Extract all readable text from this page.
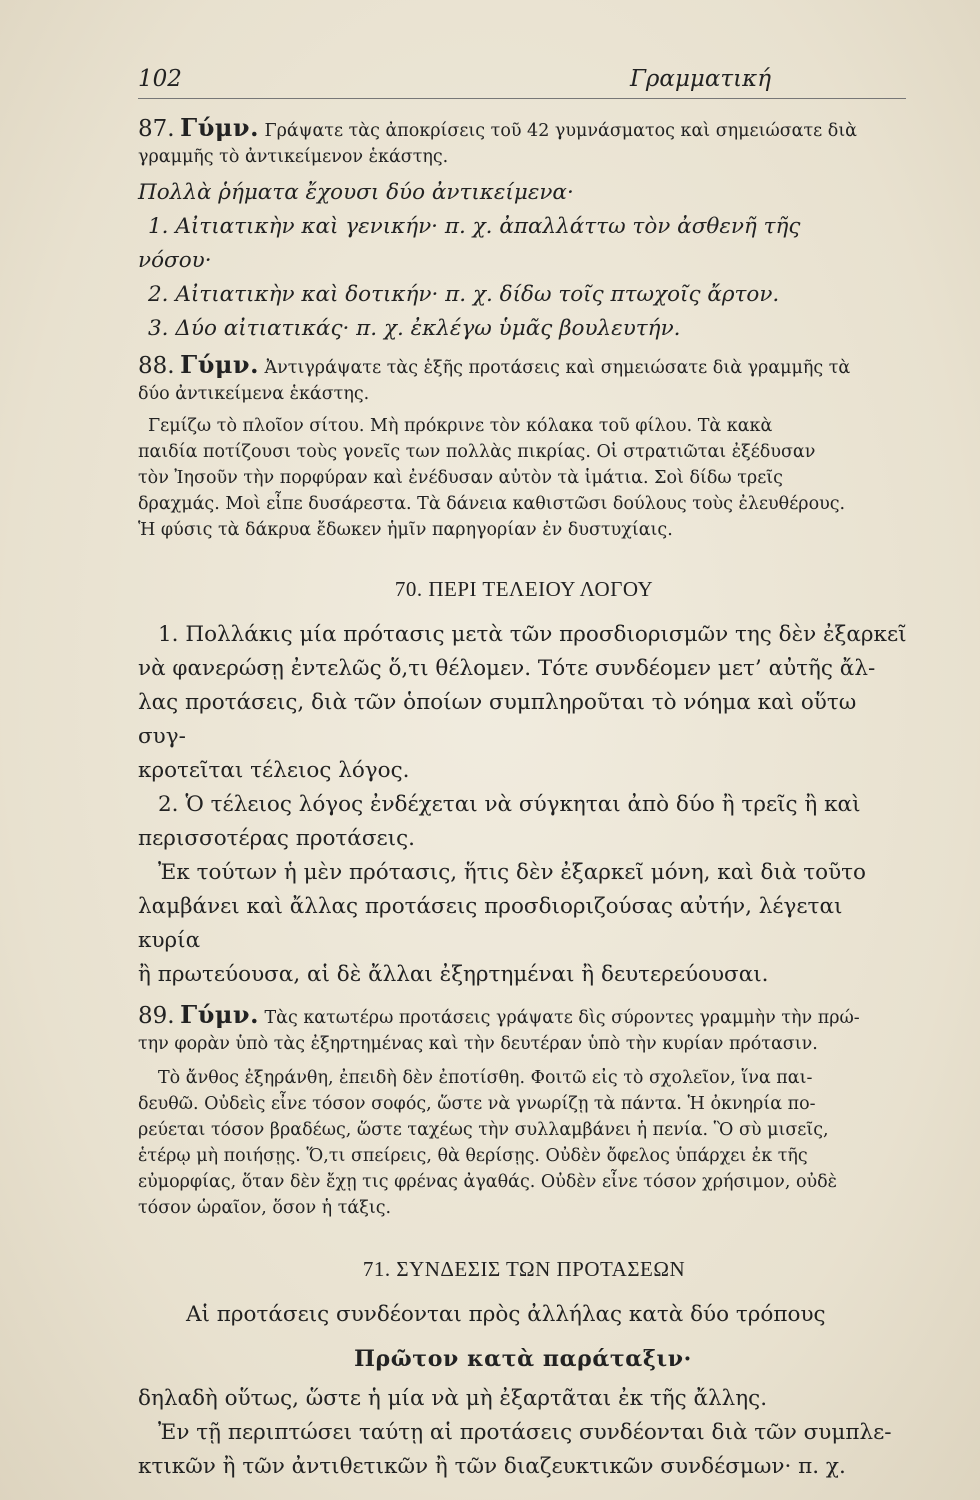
102	Γραμματική

87. Γύμν. Γράψατε τὰς ἀποκρίσεις τοῦ 42 γυμνάσματος καὶ σημειώσατε διὰ

γραμμῆς τὸ ἀντικείμενον ἑκάστης.

Πολλὰ ῥήματα ἔχουσι δύο ἀντικείμενα·

1. Αἰτιατικὴν καὶ γενικήν· π. χ. ἀπαλλάττω τὸν ἀσθενῆ τῆς

νόσου·

2. Αἰτιατικὴν καὶ δοτικήν· π. χ. δίδω τοῖς πτωχοῖς ἄρτον.

3. Δύο αἰτιατικάς· π. χ. ἐκλέγω ὑμᾶς βουλευτήν.

88. Γύμν. Ἀντιγράψατε τὰς ἑξῆς προτάσεις καὶ σημειώσατε διὰ γραμμῆς τὰ

δύο ἀντικείμενα ἑκάστης.

Γεμίζω τὸ πλοῖον σίτου. Μὴ πρόκρινε τὸν κόλακα τοῦ φίλου. Τὰ κακὰ

παιδία ποτίζουσι τοὺς γονεῖς των πολλὰς πικρίας. Οἱ στρατιῶται ἐξέδυσαν

τὸν Ἰησοῦν τὴν πορφύραν καὶ ἐνέδυσαν αὐτὸν τὰ ἱμάτια. Σοὶ δίδω τρεῖς

δραχμάς. Μοὶ εἶπε δυσάρεστα. Τὰ δάνεια καθιστῶσι δούλους τοὺς ἐλευθέρους.

Ἡ φύσις τὰ δάκρυα ἔδωκεν ἡμῖν παρηγορίαν ἐν δυστυχίαις.

70. ΠΕΡΙ ΤΕΛΕΙΟΥ ΛΟΓΟΥ

1. Πολλάκις μία πρότασις μετὰ τῶν προσδιορισμῶν της δὲν ἐξαρκεῖ

νὰ φανερώσῃ ἐντελῶς ὅ,τι θέλομεν. Τότε συνδέομεν μετ’ αὐτῆς ἄλ-

λας προτάσεις, διὰ τῶν ὁποίων συμπληροῦται τὸ νόημα καὶ οὕτω συγ-

κροτεῖται τέλειος λόγος.

2. Ὁ τέλειος λόγος ἐνδέχεται νὰ σύγκηται ἀπὸ δύο ἢ τρεῖς ἢ καὶ

περισσοτέρας προτάσεις.

Ἐκ τούτων ἡ μὲν πρότασις, ἥτις δὲν ἐξαρκεῖ μόνη, καὶ διὰ τοῦτο

λαμβάνει καὶ ἄλλας προτάσεις προσδιοριζούσας αὐτήν, λέγεται κυρία

ἢ πρωτεύουσα, αἱ δὲ ἄλλαι ἐξηρτημέναι ἢ δευτερεύουσαι.

89. Γύμν. Τὰς κατωτέρω προτάσεις γράψατε δὶς σύροντες γραμμὴν τὴν πρώ-

την φορὰν ὑπὸ τὰς ἐξηρτημένας καὶ τὴν δευτέραν ὑπὸ τὴν κυρίαν πρότασιν.

Τὸ ἄνθος ἐξηράνθη, ἐπειδὴ δὲν ἐποτίσθη. Φοιτῶ εἰς τὸ σχολεῖον, ἵνα παι-

δευθῶ. Οὐδεὶς εἶνε τόσον σοφός, ὥστε νὰ γνωρίζῃ τὰ πάντα. Ἡ ὀκνηρία πο-

ρεύεται τόσον βραδέως, ὥστε ταχέως τὴν συλλαμβάνει ἡ πενία. Ὃ σὺ μισεῖς,

ἑτέρῳ μὴ ποιήσῃς. Ὅ,τι σπείρεις, θὰ θερίσῃς. Οὐδὲν ὄφελος ὑπάρχει ἐκ τῆς

εὐμορφίας, ὅταν δὲν ἔχῃ τις φρένας ἀγαθάς. Οὐδὲν εἶνε τόσον χρήσιμον, οὐδὲ

τόσον ὡραῖον, ὅσον ἡ τάξις.

71. ΣΥΝΔΕΣΙΣ ΤΩΝ ΠΡΟΤΑΣΕΩΝ

Αἱ προτάσεις συνδέονται πρὸς ἀλλήλας κατὰ δύο τρόπους

Πρῶτον κατὰ παράταξιν·

δηλαδὴ οὕτως, ὥστε ἡ μία νὰ μὴ ἐξαρτᾶται ἐκ τῆς ἄλλης.

Ἐν τῇ περιπτώσει ταύτῃ αἱ προτάσεις συνδέονται διὰ τῶν συμπλε-

κτικῶν ἢ τῶν ἀντιθετικῶν ἢ τῶν διαζευκτικῶν συνδέσμων· π. χ.
